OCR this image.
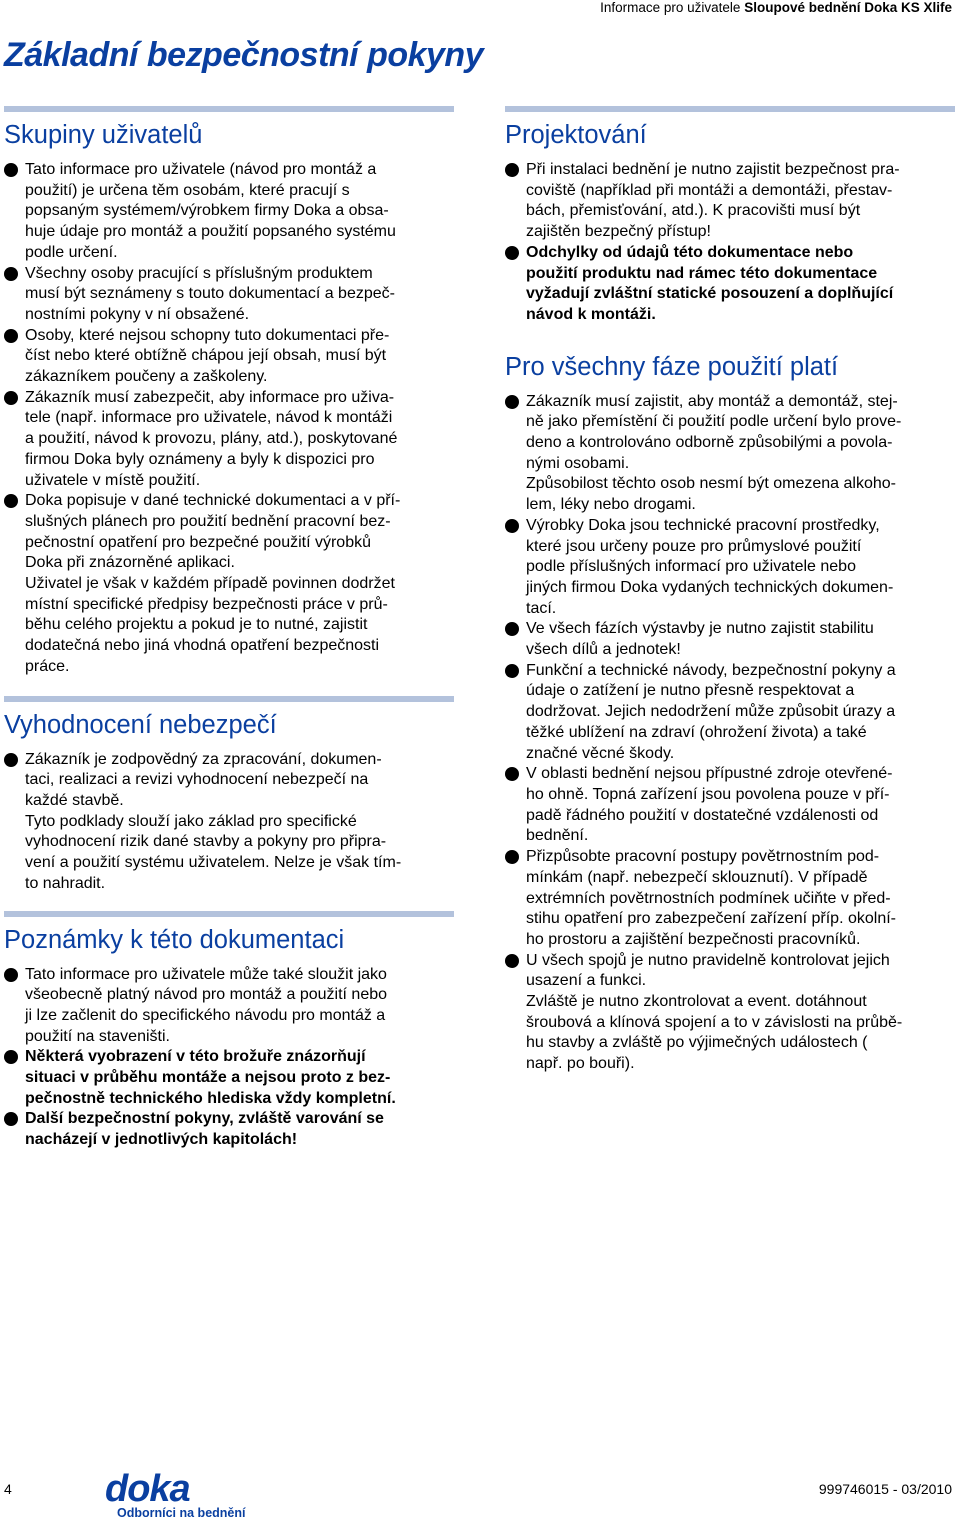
Informace pro uživatele Sloupové bednění Doka KS Xlife
Základní bezpečnostní pokyny
Skupiny uživatelů
Tato informace pro uživatele (návod pro montáž a
použití) je určena těm osobám, které pracují s
popsaným systémem/výrobkem firmy Doka a obsa-
huje údaje pro montáž a použití popsaného systému
podle určení.
Všechny osoby pracující s příslušným produktem
musí být seznámeny s touto dokumentací a bezpeč-
nostními pokyny v ní obsažené.
Osoby, které nejsou schopny tuto dokumentaci pře-
číst nebo které obtížně chápou její obsah, musí být
zákazníkem poučeny a zaškoleny.
Zákazník musí zabezpečit, aby informace pro uživa-
tele (např. informace pro uživatele, návod k montáži
a použití, návod k provozu, plány, atd.), poskytované
firmou Doka byly oznámeny a byly k dispozici pro
uživatele v místě použití.
Doka popisuje v dané technické dokumentaci a v pří-
slušných plánech pro použití bednění pracovní bez-
pečnostní opatření pro bezpečné použití výrobků
Doka při znázorněné aplikaci.
Uživatel je však v každém případě povinnen dodržet
místní specifické předpisy bezpečnosti práce v prů-
běhu celého projektu a pokud je to nutné, zajistit
dodatečná nebo jiná vhodná opatření bezpečnosti
práce.
Vyhodnocení nebezpečí
Zákazník je zodpovědný za zpracování, dokumen-
taci, realizaci a revizi vyhodnocení nebezpečí na
každé stavbě.
Tyto podklady slouží jako základ pro specifické
vyhodnocení rizik dané stavby a pokyny pro připra-
vení a použití systému uživatelem. Nelze je však tím-
to nahradit.
Poznámky k této dokumentaci
Tato informace pro uživatele může také sloužit jako
všeobecně platný návod pro montáž a použití nebo
ji lze začlenit do specifického návodu pro montáž a
použití na staveništi.
Některá vyobrazení v této brožuře znázorňují
situaci v průběhu montáže a nejsou proto z bez-
pečnostně technického hlediska vždy kompletní.
Další bezpečnostní pokyny, zvláště varování se
nacházejí v jednotlivých kapitolách!
Projektování
Při instalaci bednění je nutno zajistit bezpečnost pra-
coviště (například při montáži a demontáži, přestav-
bách, přemisťování, atd.). K pracovišti musí být
zajištěn bezpečný přístup!
Odchylky od údajů této dokumentace nebo
použití produktu nad rámec této dokumentace
vyžadují zvláštní statické posouzení a doplňující
návod k montáži.
Pro všechny fáze použití platí
Zákazník musí zajistit, aby montáž a demontáž, stej-
ně jako přemístění či použití podle určení bylo prove-
deno a kontrolováno odborně způsobilými a povola-
nými osobami.
Způsobilost těchto osob nesmí být omezena alkoho-
lem, léky nebo drogami.
Výrobky Doka jsou technické pracovní prostředky,
které jsou určeny pouze pro průmyslové použití
podle příslušných informací pro uživatele nebo
jiných firmou Doka vydaných technických dokumen-
tací.
Ve všech fázích výstavby je nutno zajistit stabilitu
všech dílů a jednotek!
Funkční a technické návody, bezpečnostní pokyny a
údaje o zatížení je nutno přesně respektovat a
dodržovat. Jejich nedodržení může způsobit úrazy a
těžké ublížení na zdraví (ohrožení života) a také
značné věcné škody.
V oblasti bednění nejsou přípustné zdroje otevřené-
ho ohně. Topná zařízení jsou povolena pouze v pří-
padě řádného použití v dostatečné vzdálenosti od
bednění.
Přizpůsobte pracovní postupy povětrnostním pod-
mínkám (např. nebezpečí sklouznutí). V případě
extrémních povětrnostních podmínek učiňte v před-
stihu opatření pro zabezpečení zařízení příp. okolní-
ho prostoru a zajištění bezpečnosti pracovníků.
U všech spojů je nutno pravidelně kontrolovat jejich
usazení a funkci.
Zvláště je nutno zkontrolovat a event. dotáhnout
šroubová a klínová spojení a to v závislosti na průbě-
hu stavby a zvláště po výjimečných událostech (
např. po bouři).
4 doka
Odborníci na bednění
999746015 - 03/2010
